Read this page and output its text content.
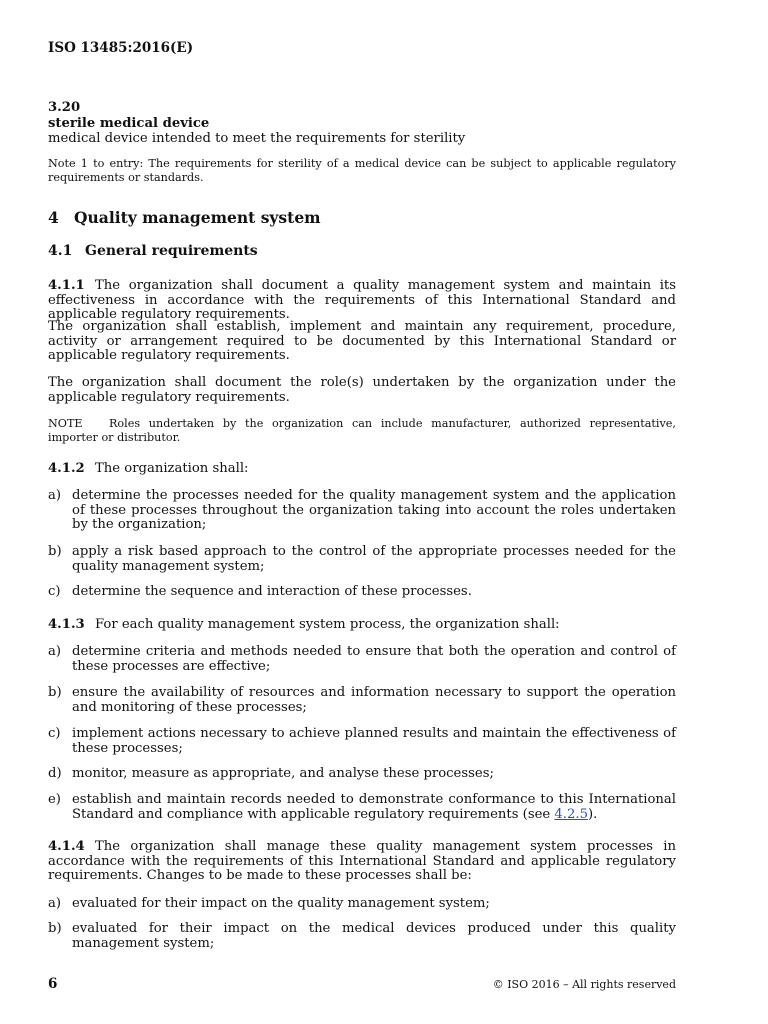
ISO 13485:2016(E)
3.20
sterile medical device
medical device intended to meet the requirements for sterility

Note 1 to entry: The requirements for sterility of a medical device can be subject to applicable regulatory requirements or standards.

4 Quality management system
4.1 General requirements

4.1.1 The organization shall document a quality management system and maintain its effectiveness in accordance with the requirements of this International Standard and applicable regulatory requirements.

The organization shall establish, implement and maintain any requirement, procedure, activity or arrangement required to be documented by this International Standard or applicable regulatory requirements.

The organization shall document the role(s) undertaken by the organization under the applicable regulatory requirements.

NOTE Roles undertaken by the organization can include manufacturer, authorized representative, importer or distributor.

4.1.2 The organization shall:

a) determine the processes needed for the quality management system and the application of these processes throughout the organization taking into account the roles undertaken by the organization;

b) apply a risk based approach to the control of the appropriate processes needed for the quality management system;

c) determine the sequence and interaction of these processes.

4.1.3 For each quality management system process, the organization shall:

a) determine criteria and methods needed to ensure that both the operation and control of these processes are effective;

b) ensure the availability of resources and information necessary to support the operation and monitoring of these processes;

c) implement actions necessary to achieve planned results and maintain the effectiveness of these processes;

d) monitor, measure as appropriate, and analyse these processes;

e) establish and maintain records needed to demonstrate conformance to this International Standard and compliance with applicable regulatory requirements (see 4.2.5).

4.1.4 The organization shall manage these quality management system processes in accordance with the requirements of this International Standard and applicable regulatory requirements. Changes to be made to these processes shall be:

a) evaluated for their impact on the quality management system;

b) evaluated for their impact on the medical devices produced under this quality management system;

6	© ISO 2016 – All rights reserved
